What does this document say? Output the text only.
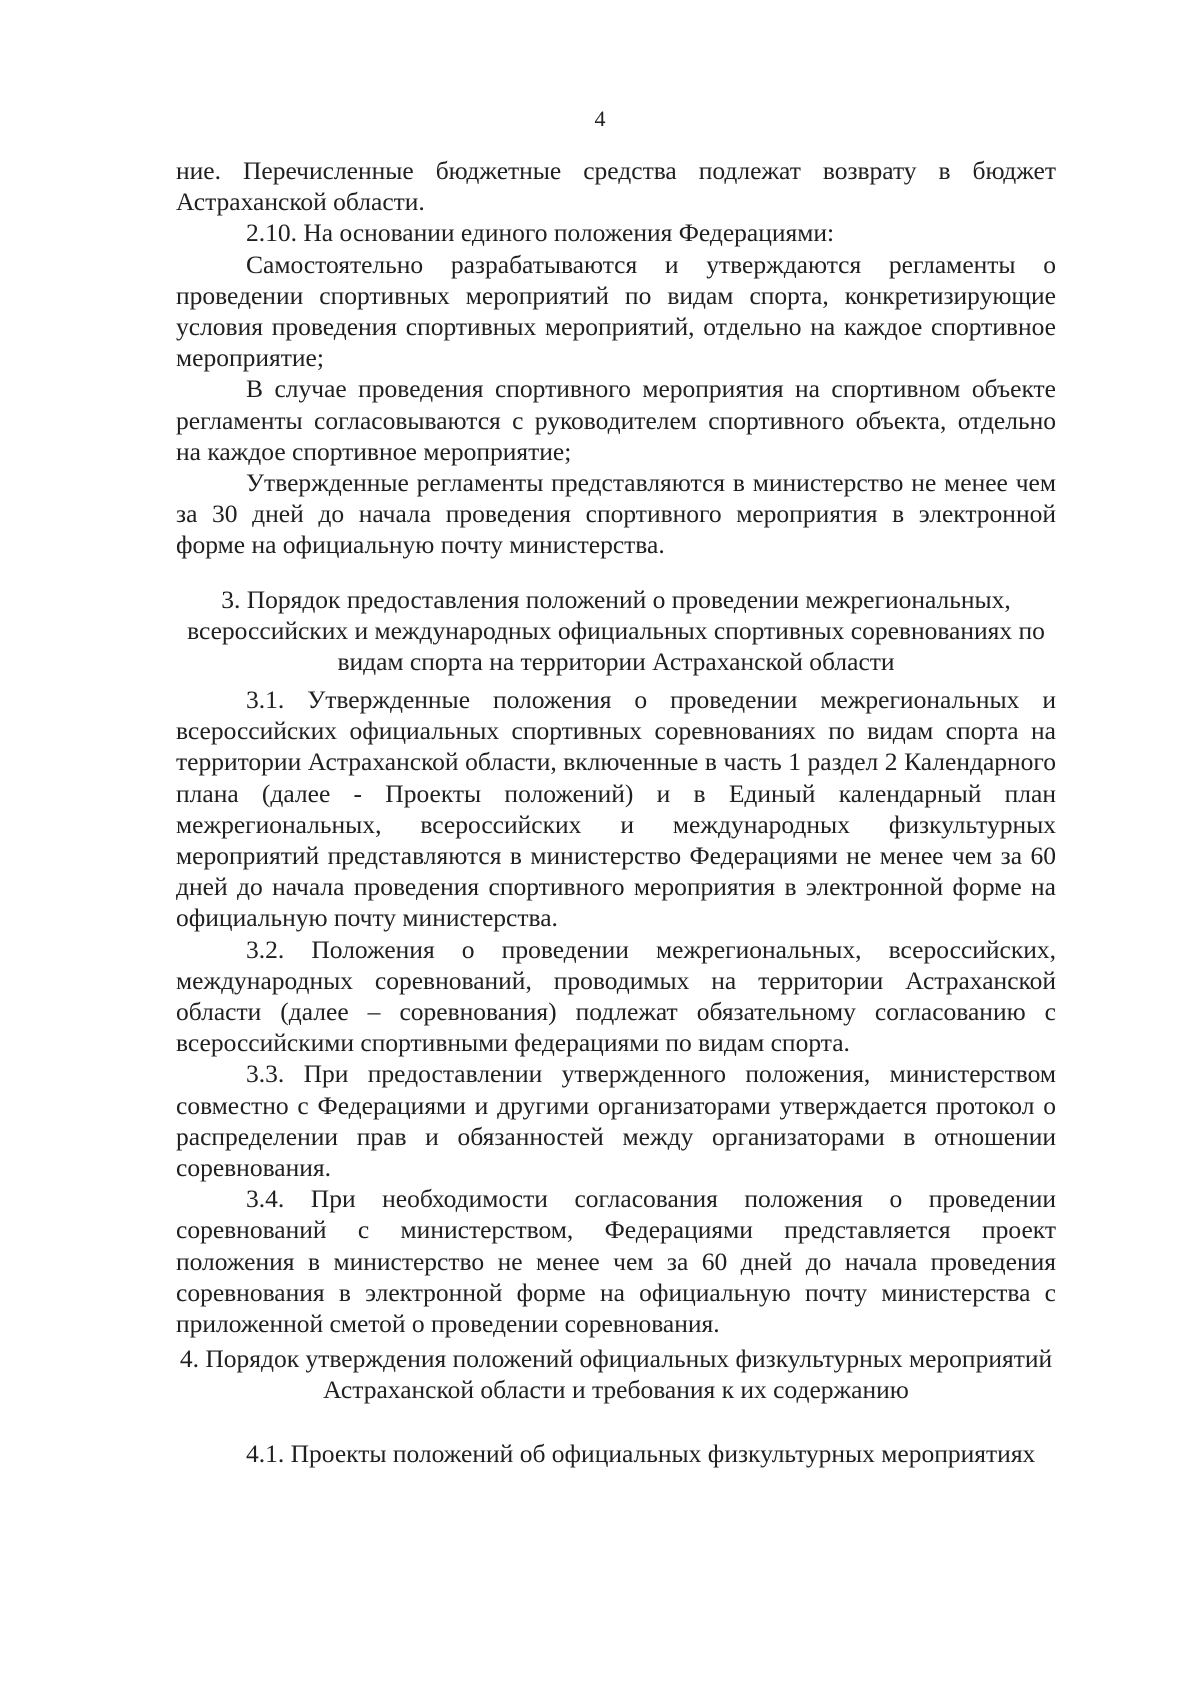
4

ние. Перечисленные бюджетные средства подлежат возврату в бюджет Астраханской области.

2.10. На основании единого положения Федерациями:

Самостоятельно разрабатываются и утверждаются регламенты о проведении спортивных мероприятий по видам спорта, конкретизирующие условия проведения спортивных мероприятий, отдельно на каждое спортивное мероприятие;

В случае проведения спортивного мероприятия на спортивном объекте регламенты согласовываются с руководителем спортивного объекта, отдельно на каждое спортивное мероприятие;

Утвержденные регламенты представляются в министерство не менее чем за 30 дней до начала проведения спортивного мероприятия в электронной форме на официальную почту министерства.

3. Порядок предоставления положений о проведении межрегиональных, всероссийских и международных официальных спортивных соревнованиях по видам спорта на территории Астраханской области

3.1. Утвержденные положения о проведении межрегиональных и всероссийских официальных спортивных соревнованиях по видам спорта на территории Астраханской области, включенные в часть 1 раздел 2 Календарного плана (далее - Проекты положений) и в Единый календарный план межрегиональных, всероссийских и международных физкультурных мероприятий представляются в министерство Федерациями не менее чем за 60 дней до начала проведения спортивного мероприятия в электронной форме на официальную почту министерства.

3.2. Положения о проведении межрегиональных, всероссийских, международных соревнований, проводимых на территории Астраханской области (далее – соревнования) подлежат обязательному согласованию с всероссийскими спортивными федерациями по видам спорта.

3.3. При предоставлении утвержденного положения, министерством совместно с Федерациями и другими организаторами утверждается протокол о распределении прав и обязанностей между организаторами в отношении соревнования.

3.4. При необходимости согласования положения о проведении соревнований с министерством, Федерациями представляется проект положения в министерство не менее чем за 60 дней до начала проведения соревнования в электронной форме на официальную почту министерства с приложенной сметой о проведении соревнования.

4. Порядок утверждения положений официальных физкультурных мероприятий Астраханской области и требования к их содержанию

4.1. Проекты положений об официальных физкультурных мероприятиях
